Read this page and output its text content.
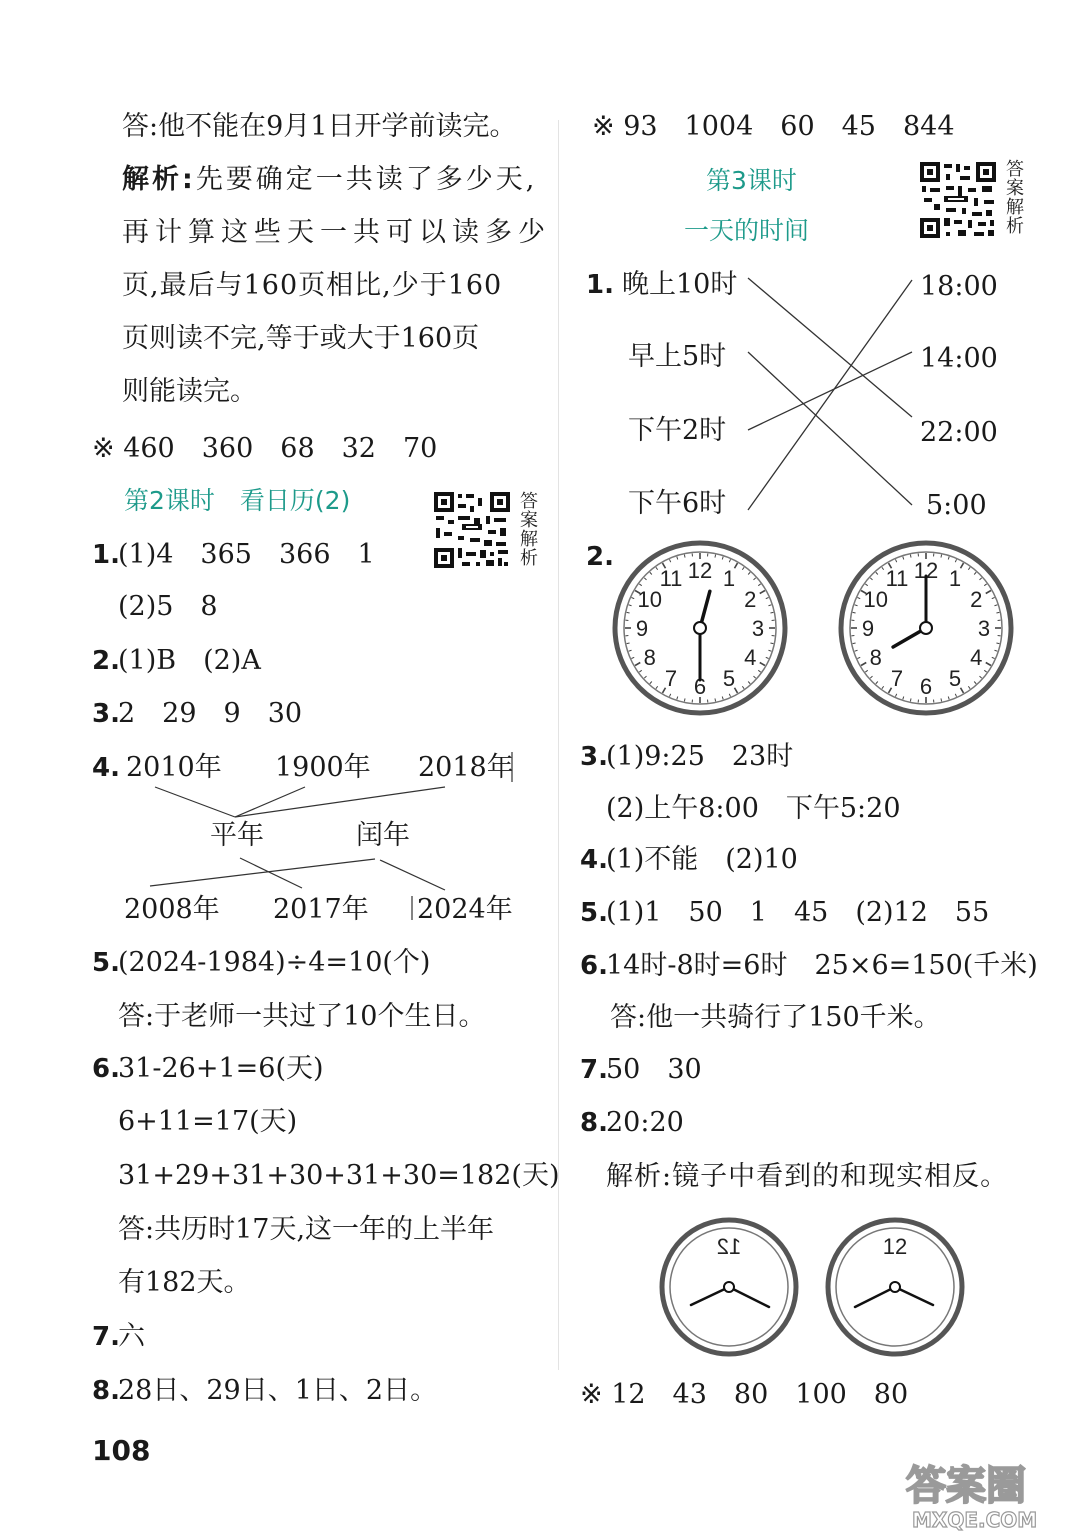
答:他不能在9月1日开学前读完。
解析:先要确定一共读了多少天,
再计算这些天一共可以读多少
页,最后与160页相比,少于160
页则读不完,等于或大于160页
则能读完。
※ 460　360　68　32　70
第2课时　看日历(2)	答案解析
1.
(1)4　365　366　1
(2)5　8
2.
(1)B　(2)A
3.
2　29　9　30
4. 2010年 1900年 2018年
平年	闰年
2008年 2017年 2024年
5.
(2024-1984)÷4=10(个)
答:于老师一共过了10个生日。
6.
31-26+1=6(天)
6+11=17(天)
31+29+31+30+31+30=182(天)
答:共历时17天,这一年的上半年
有182天。
7.
六
8.
28日、29日、1日、2日。
108
※ 93　1004　60　45　844
第3课时
一天的时间
答案解析
1. 晚上10时
早上5时
下午2时
下午6时
18:00
14:00
22:00
5:00
2.	12 1
2
3
4
5
6
7
8
9
10
11	12 1
2
3
4
5
6
7
8
9
10
11
3.
(1)9:25　23时
(2)上午8:00　下午5:20
4.
(1)不能　(2)10
5.
(1)1　50　1　45　(2)12　55
6.
14时-8时=6时　25×6=150(千米)
答:他一共骑行了150千米。
7.
50　30
8.
20:20
解析:镜子中看到的和现实相反。
12	12
※ 12　43　80　100　80
答案圈
MXQE.COM
